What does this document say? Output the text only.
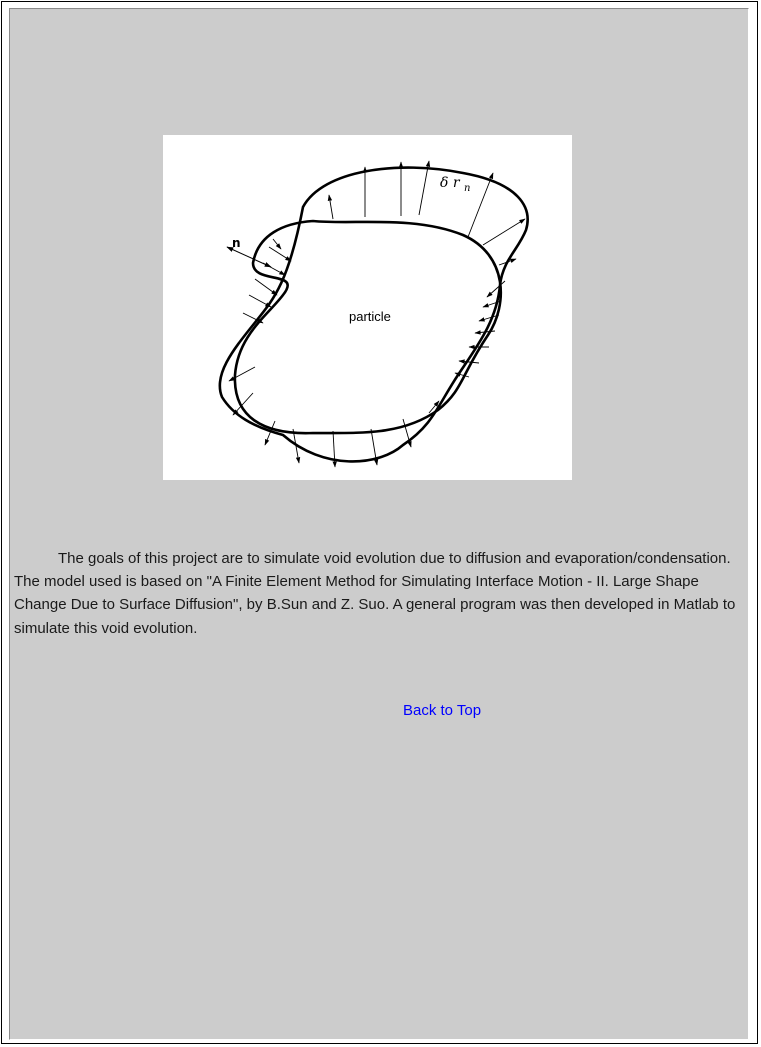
n
δ r $_n$
particle

The goals of this project are to simulate void evolution due to diffusion and evaporation/condensation. The model used is based on "A Finite Element Method for Simulating Interface Motion - II. Large Shape Change Due to Surface Diffusion", by B.Sun and Z. Suo. A general program was then developed in Matlab to simulate this void evolution.

Back to Top
